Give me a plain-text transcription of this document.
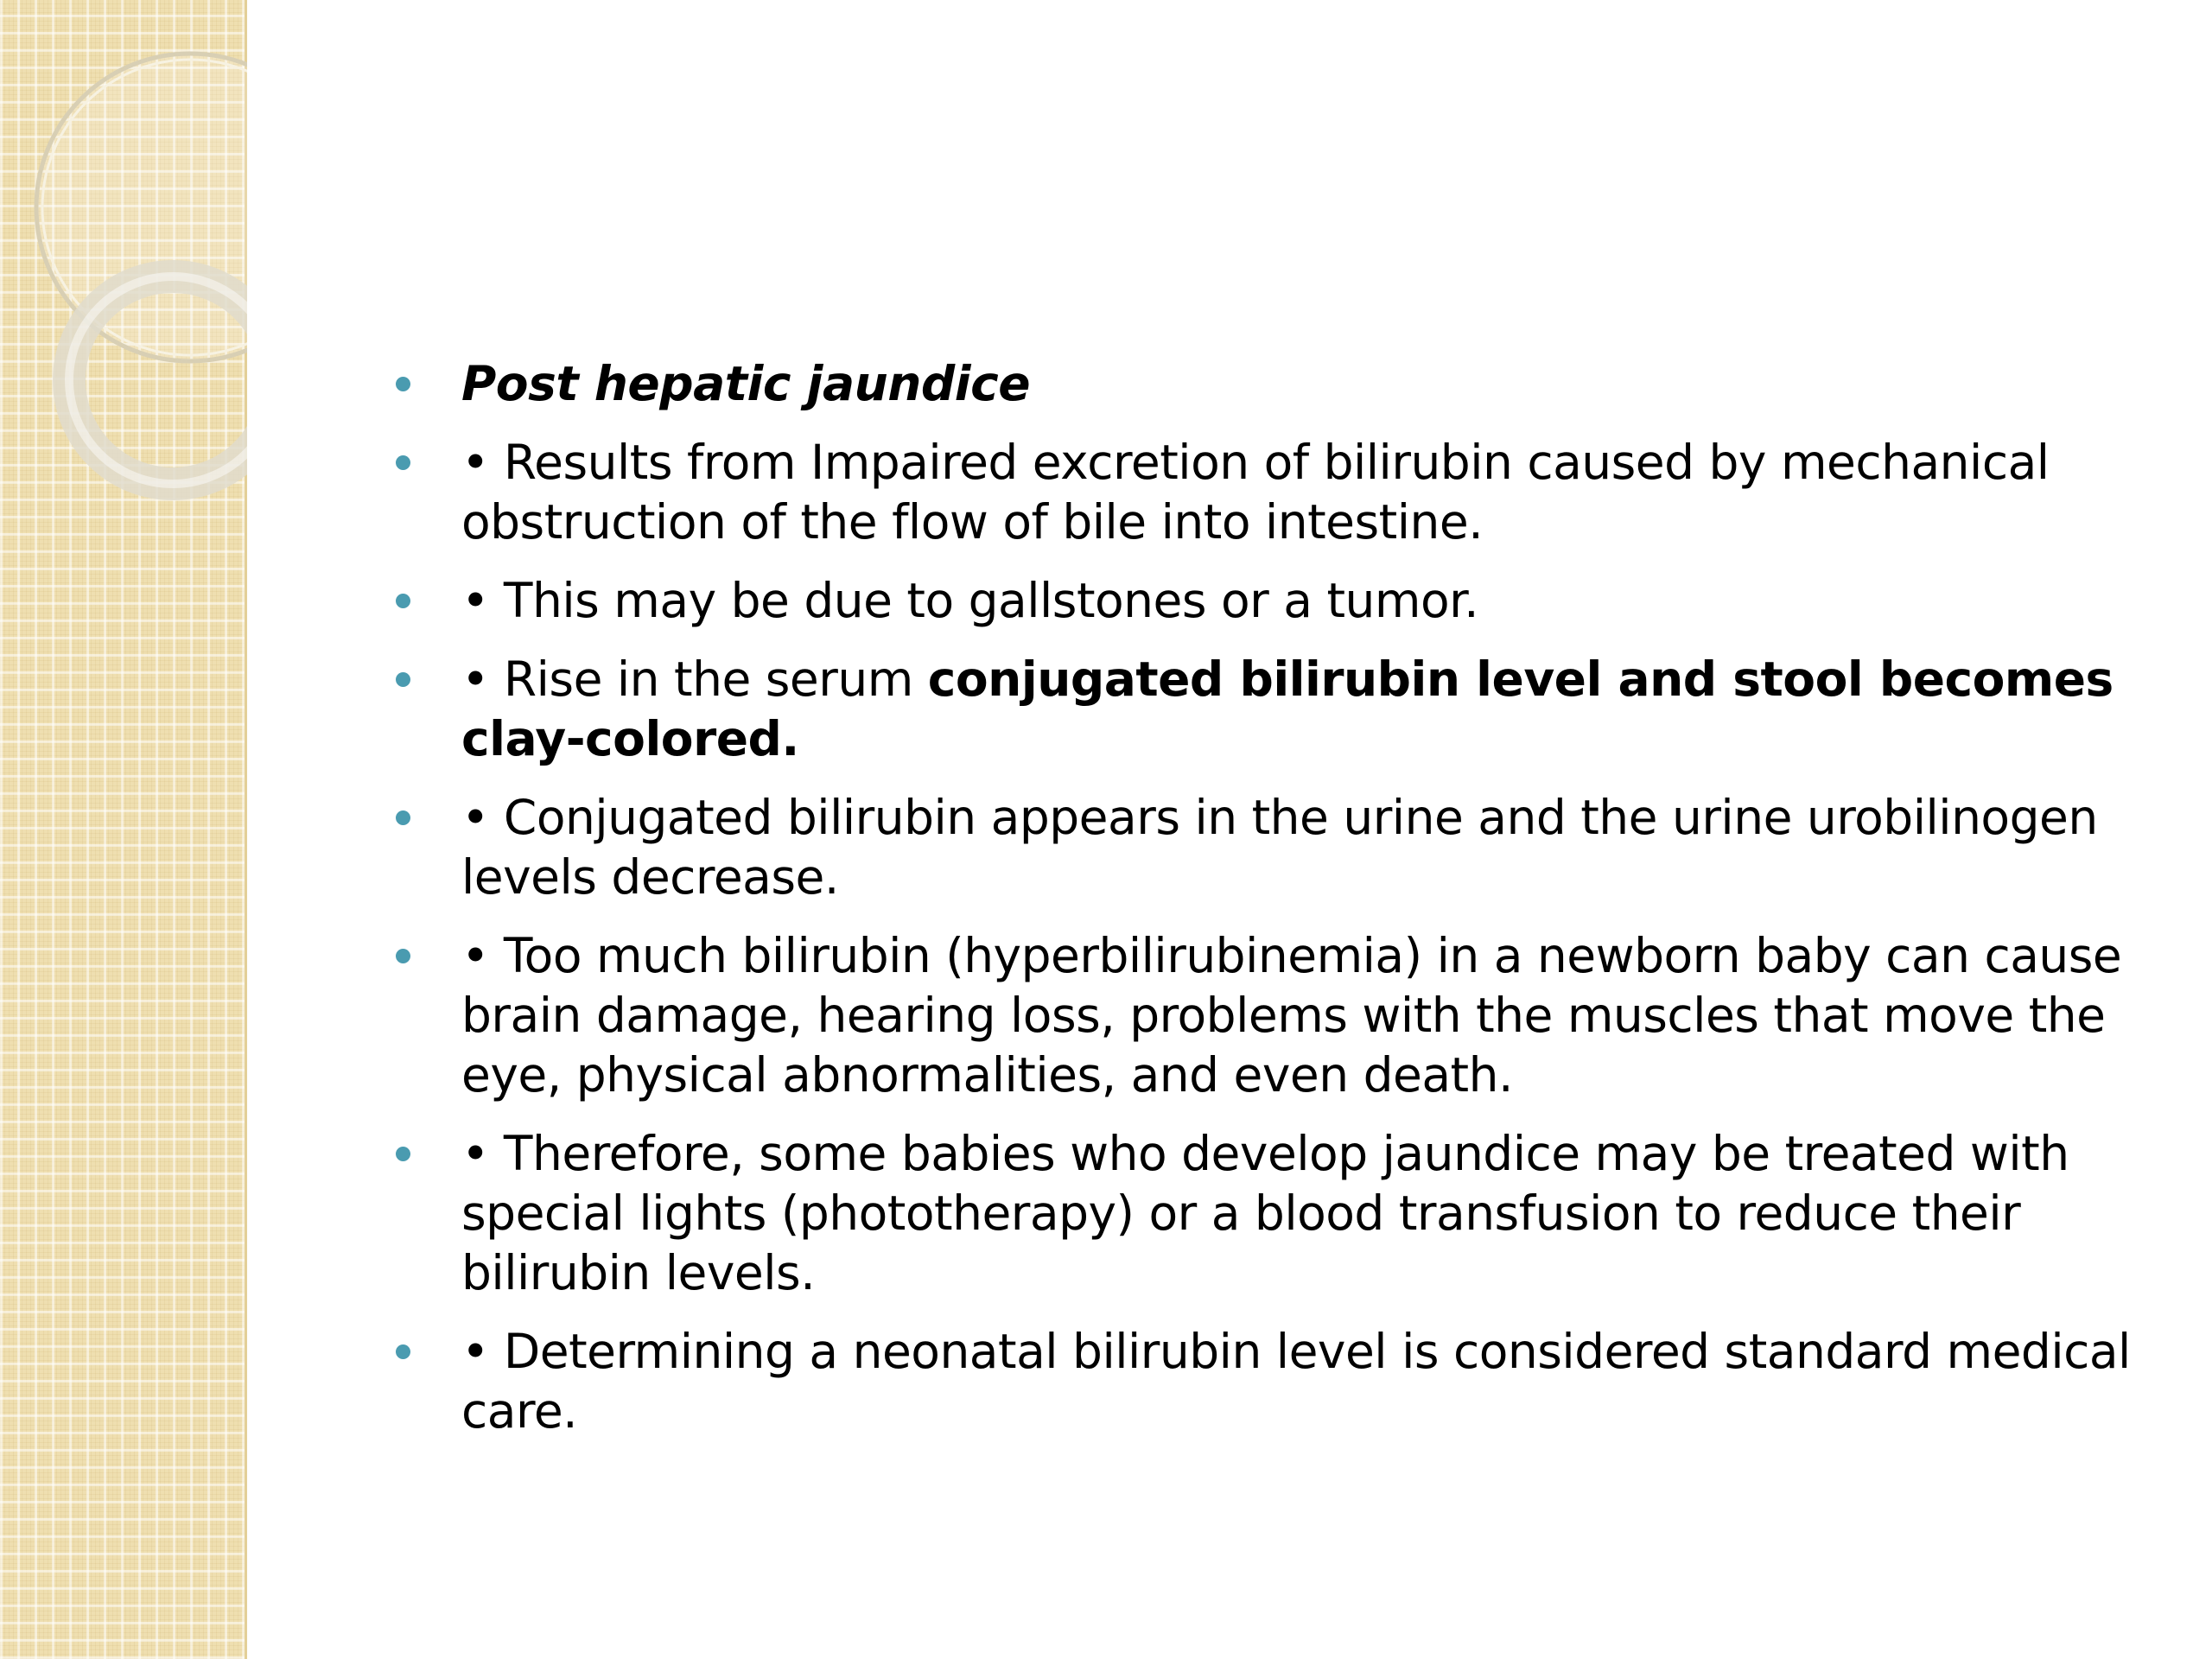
Post hepatic jaundice
• Results from Impaired excretion of bilirubin caused by mechanical obstruction of the flow of bile into intestine.
• This may be due to gallstones or a tumor.
• Rise in the serum conjugated bilirubin level and stool becomes clay-colored.
• Conjugated bilirubin appears in the urine and the urine urobilinogen levels decrease.
• Too much bilirubin (hyperbilirubinemia) in a newborn baby can cause brain damage, hearing loss, problems with the muscles that move the eye, physical abnormalities, and even death.
• Therefore, some babies who develop jaundice may be treated with special lights (phototherapy) or a blood transfusion to reduce their bilirubin levels.
• Determining a neonatal bilirubin level is considered standard medical care.
